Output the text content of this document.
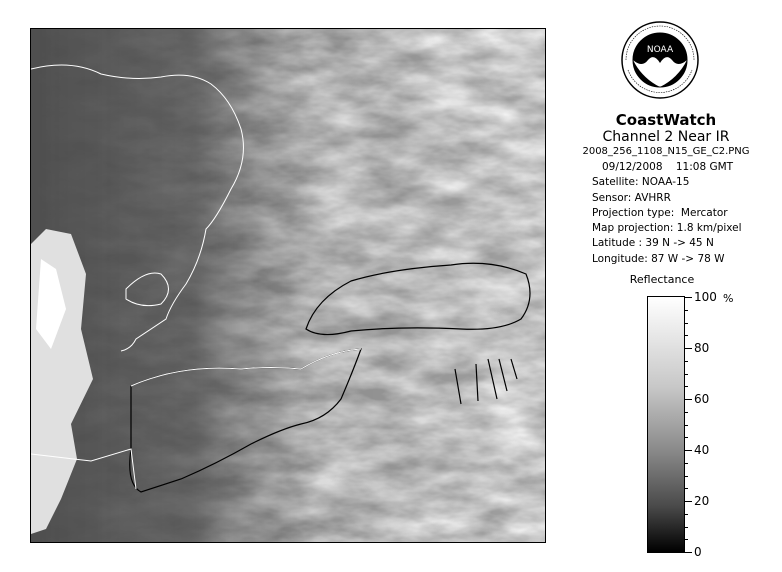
NOAA
CoastWatch
Channel 2 Near IR
2008_256_1108_N15_GE_C2.PNG
09/12/2008    11:08 GMT
Satellite: NOAA-15
Sensor: AVHRR
Projection type:  Mercator
Map projection: 1.8 km/pixel
Latitude : 39 N -> 45 N
Longitude: 87 W -> 78 W
Reflectance
%
0
20
40
60
80
100
